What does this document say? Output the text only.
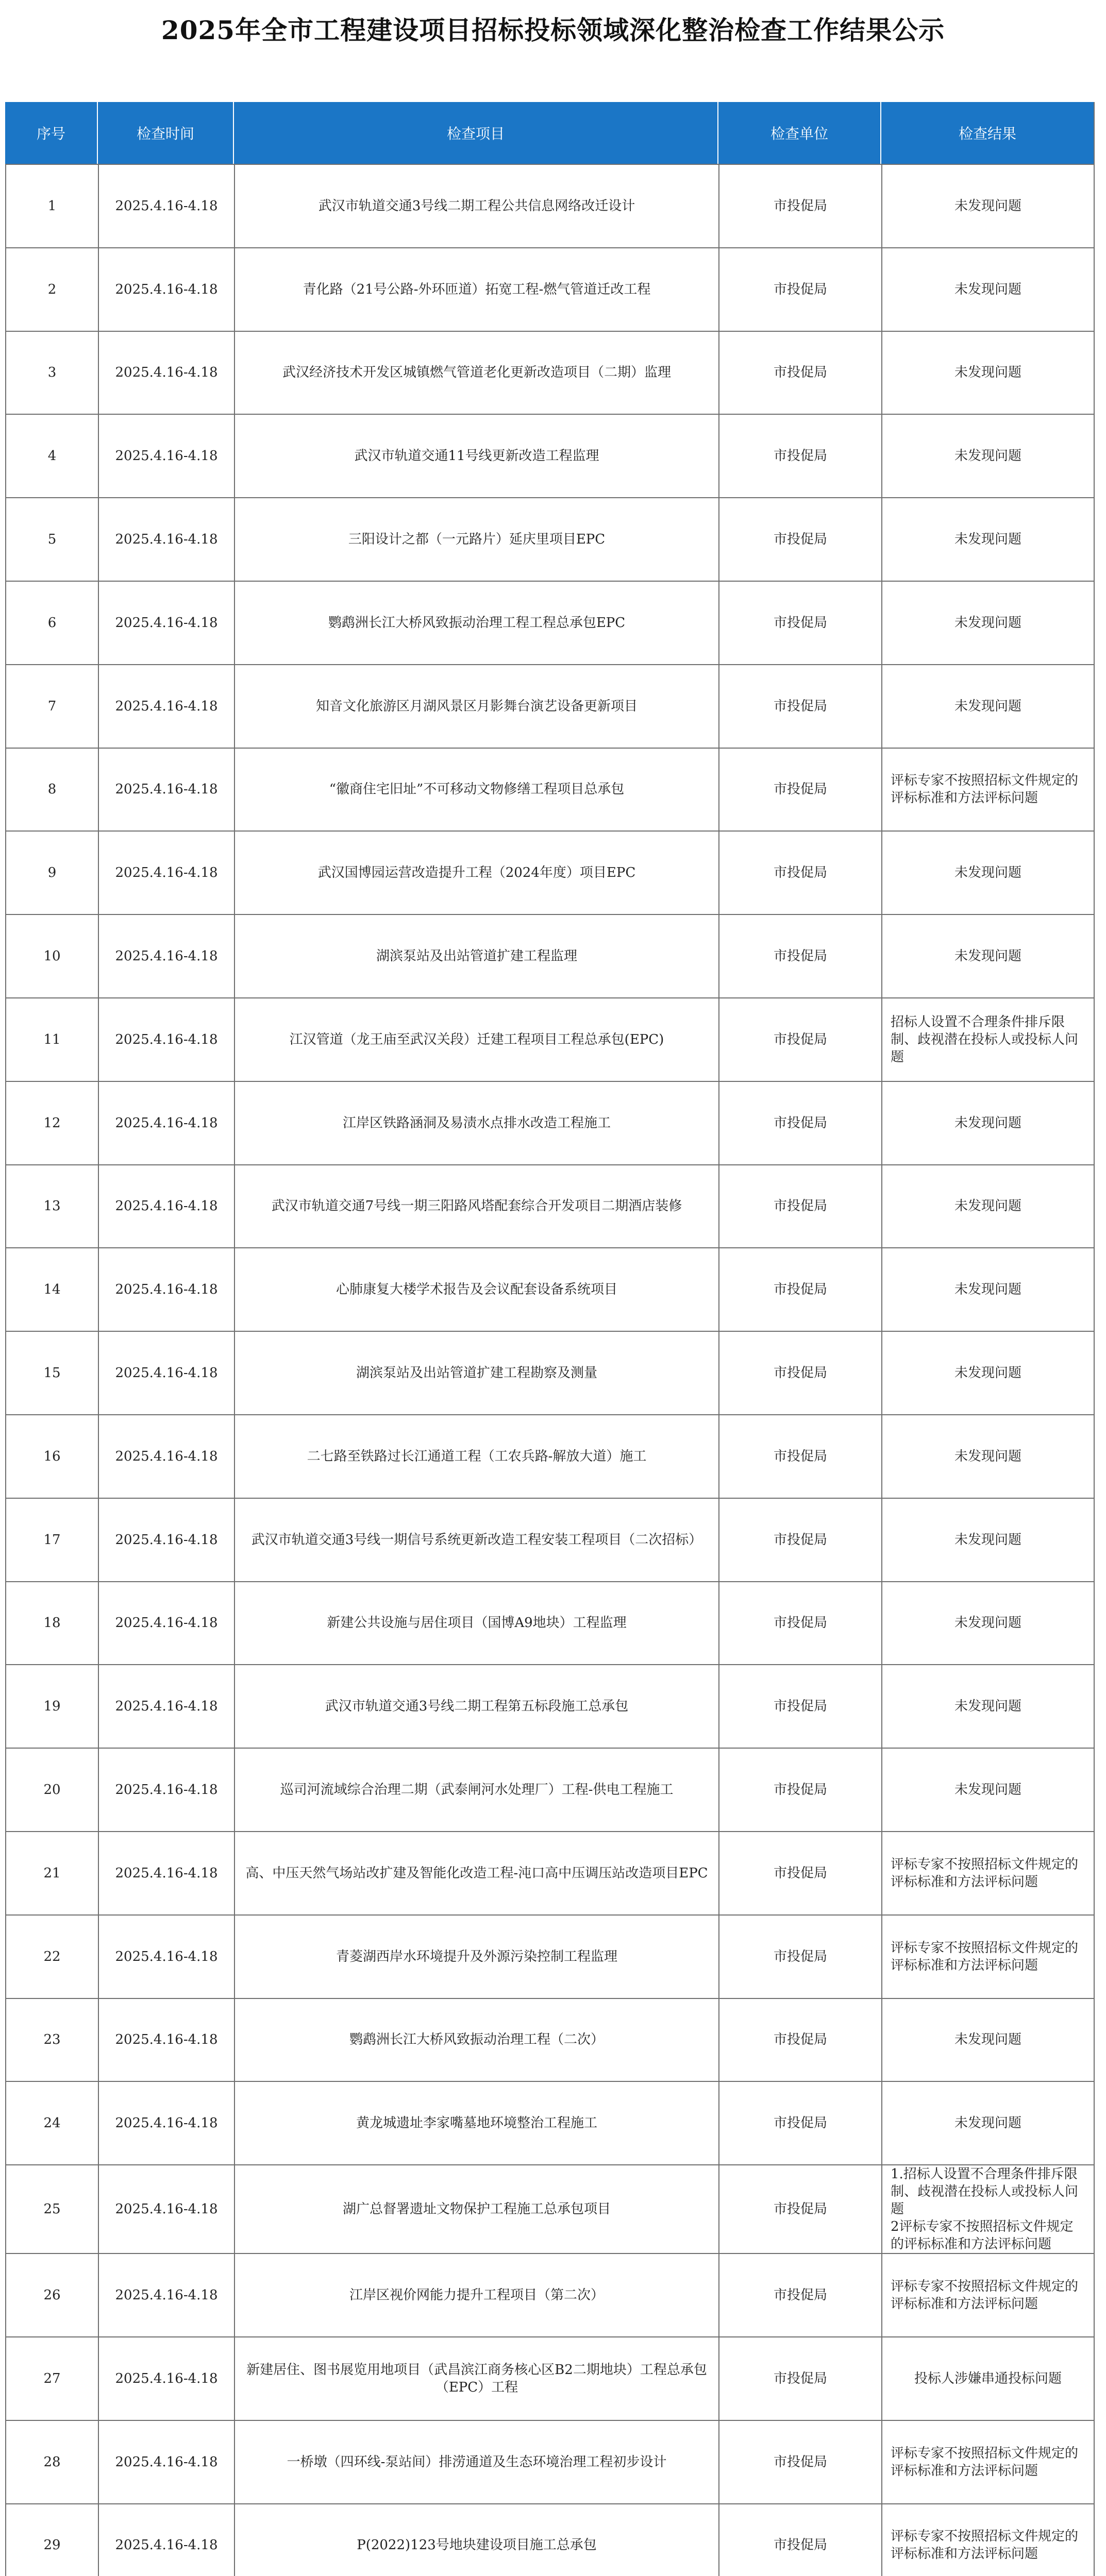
2025年全市工程建设项目招标投标领域深化整治检查工作结果公示
序号	检查时间	检查项目	检查单位	检查结果

1	2025.4.16-4.18	武汉市轨道交通3号线二期工程公共信息网络改迁设计	市投促局	未发现问题
2	2025.4.16-4.18	青化路（21号公路-外环匝道）拓宽工程-燃气管道迁改工程	市投促局	未发现问题
3	2025.4.16-4.18	武汉经济技术开发区城镇燃气管道老化更新改造项目（二期）监理	市投促局	未发现问题
4	2025.4.16-4.18	武汉市轨道交通11号线更新改造工程监理	市投促局	未发现问题
5	2025.4.16-4.18	三阳设计之都（一元路片）延庆里项目EPC	市投促局	未发现问题
6	2025.4.16-4.18	鹦鹉洲长江大桥风致振动治理工程工程总承包EPC	市投促局	未发现问题
7	2025.4.16-4.18	知音文化旅游区月湖风景区月影舞台演艺设备更新项目	市投促局	未发现问题
8	2025.4.16-4.18	“徽商住宅旧址”不可移动文物修缮工程项目总承包	市投促局	评标专家不按照招标文件规定的评标标准和方法评标问题
9	2025.4.16-4.18	武汉国博园运营改造提升工程（2024年度）项目EPC	市投促局	未发现问题
10	2025.4.16-4.18	湖滨泵站及出站管道扩建工程监理	市投促局	未发现问题
11	2025.4.16-4.18	江汉管道（龙王庙至武汉关段）迁建工程项目工程总承包(EPC)	市投促局	招标人设置不合理条件排斥限制、歧视潜在投标人或投标人问题
12	2025.4.16-4.18	江岸区铁路涵洞及易渍水点排水改造工程施工	市投促局	未发现问题
13	2025.4.16-4.18	武汉市轨道交通7号线一期三阳路风塔配套综合开发项目二期酒店装修	市投促局	未发现问题
14	2025.4.16-4.18	心肺康复大楼学术报告及会议配套设备系统项目	市投促局	未发现问题
15	2025.4.16-4.18	湖滨泵站及出站管道扩建工程勘察及测量	市投促局	未发现问题
16	2025.4.16-4.18	二七路至铁路过长江通道工程（工农兵路-解放大道）施工	市投促局	未发现问题
17	2025.4.16-4.18	武汉市轨道交通3号线一期信号系统更新改造工程安装工程项目（二次招标）	市投促局	未发现问题
18	2025.4.16-4.18	新建公共设施与居住项目（国博A9地块）工程监理	市投促局	未发现问题
19	2025.4.16-4.18	武汉市轨道交通3号线二期工程第五标段施工总承包	市投促局	未发现问题
20	2025.4.16-4.18	巡司河流域综合治理二期（武泰闸河水处理厂）工程-供电工程施工	市投促局	未发现问题
21	2025.4.16-4.18	高、中压天然气场站改扩建及智能化改造工程-沌口高中压调压站改造项目EPC	市投促局	评标专家不按照招标文件规定的评标标准和方法评标问题
22	2025.4.16-4.18	青菱湖西岸水环境提升及外源污染控制工程监理	市投促局	评标专家不按照招标文件规定的评标标准和方法评标问题
23	2025.4.16-4.18	鹦鹉洲长江大桥风致振动治理工程（二次）	市投促局	未发现问题
24	2025.4.16-4.18	黄龙城遗址李家嘴墓地环境整治工程施工	市投促局	未发现问题
25	2025.4.16-4.18	湖广总督署遗址文物保护工程施工总承包项目	市投促局	1.招标人设置不合理条件排斥限制、歧视潜在投标人或投标人问题
2评标专家不按照招标文件规定的评标标准和方法评标问题
26	2025.4.16-4.18	江岸区视价网能力提升工程项目（第二次）	市投促局	评标专家不按照招标文件规定的评标标准和方法评标问题
27	2025.4.16-4.18	新建居住、图书展览用地项目（武昌滨江商务核心区B2二期地块）工程总承包（EPC）工程	市投促局	投标人涉嫌串通投标问题
28	2025.4.16-4.18	一桥墩（四环线-泵站间）排涝通道及生态环境治理工程初步设计	市投促局	评标专家不按照招标文件规定的评标标准和方法评标问题
29	2025.4.16-4.18	P(2022)123号地块建设项目施工总承包	市投促局	评标专家不按照招标文件规定的评标标准和方法评标问题
